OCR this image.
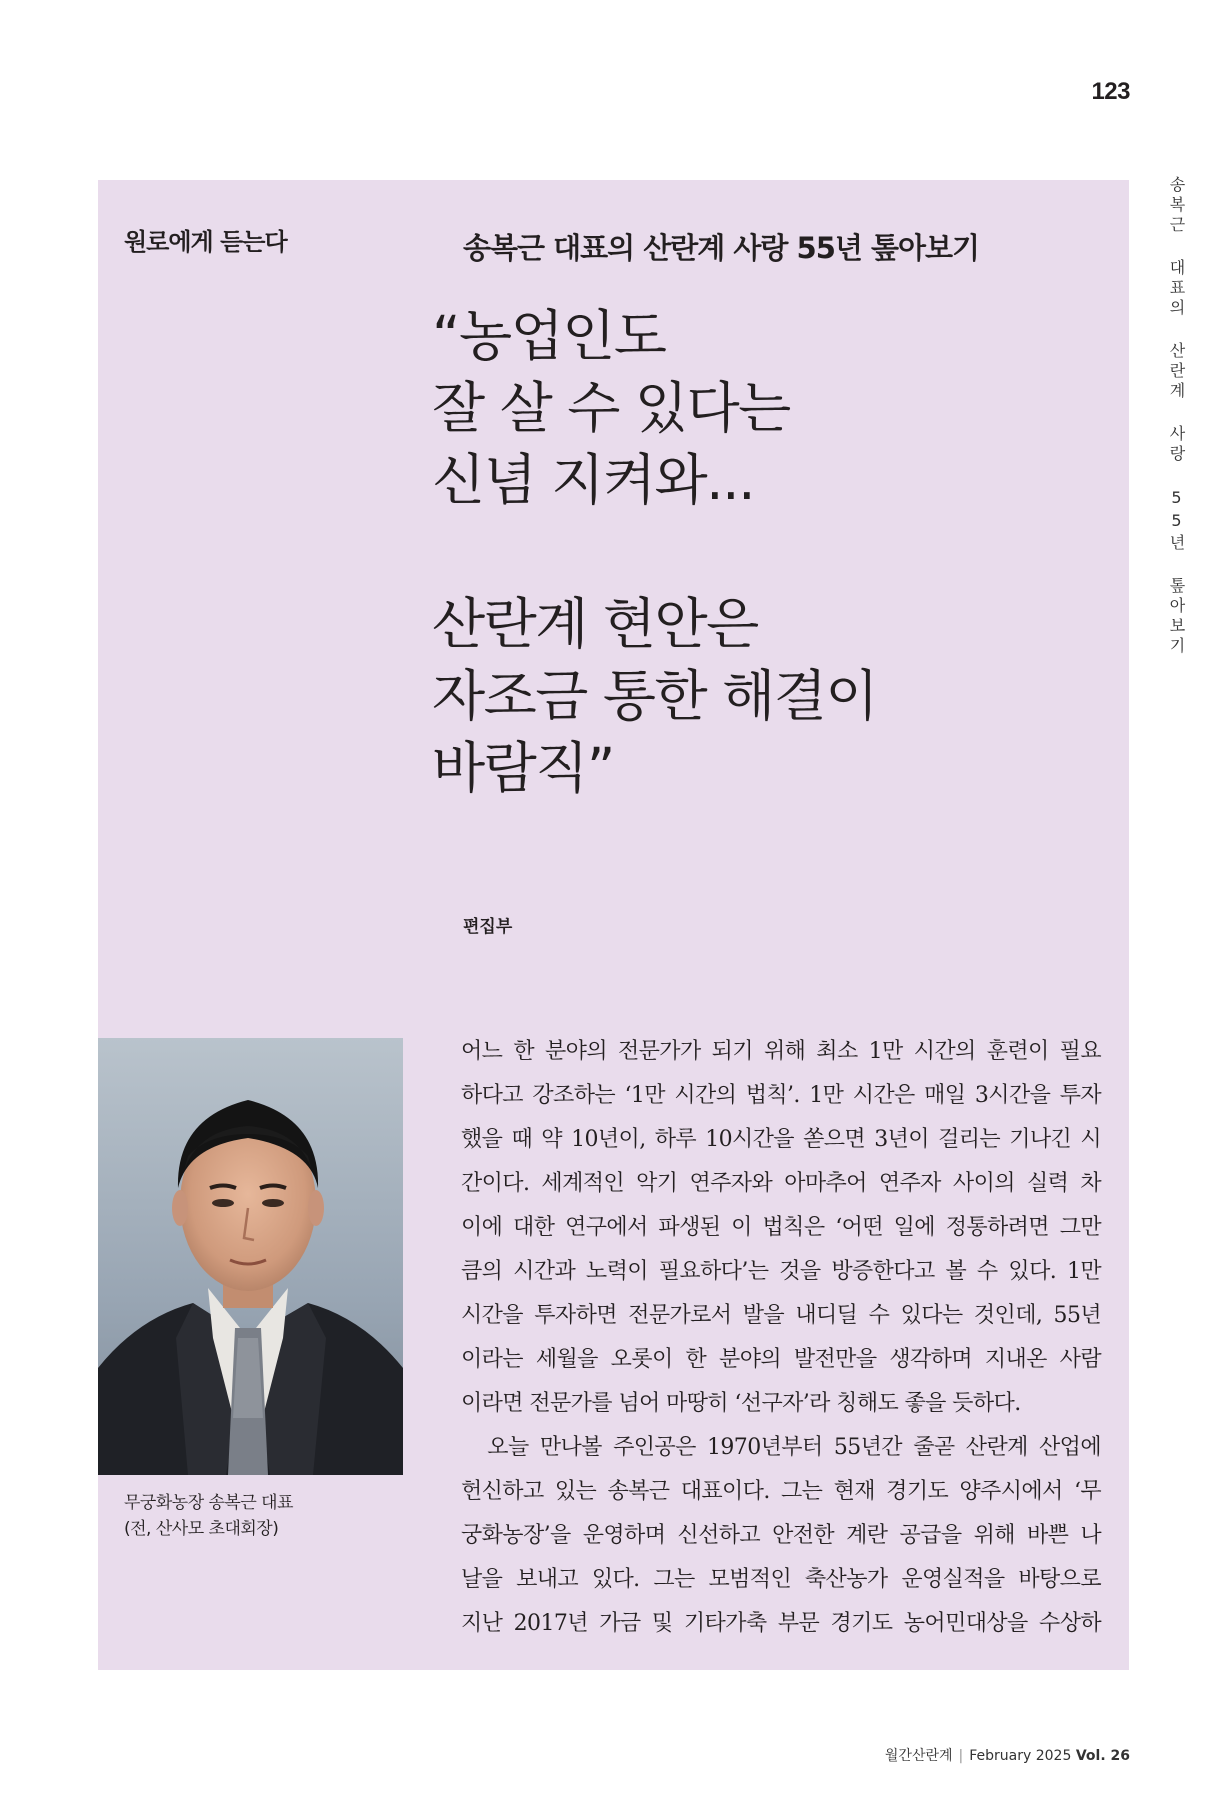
123
송복근 대표의 산란계 사랑 55년 톺아보기
원로에게 듣는다	송복근 대표의 산란계 사랑 55년 톺아보기
“농업인도
잘 살 수 있다는
신념 지켜와...
산란계 현안은
자조금 통한 해결이
바람직”
편집부
무궁화농장 송복근 대표
(전, 산사모 초대회장)
어느 한 분야의 전문가가 되기 위해 최소 1만 시간의 훈련이 필요
하다고 강조하는 ‘1만 시간의 법칙’. 1만 시간은 매일 3시간을 투자
했을 때 약 10년이, 하루 10시간을 쏟으면 3년이 걸리는 기나긴 시
간이다. 세계적인 악기 연주자와 아마추어 연주자 사이의 실력 차
이에 대한 연구에서 파생된 이 법칙은 ‘어떤 일에 정통하려면 그만
큼의 시간과 노력이 필요하다’는 것을 방증한다고 볼 수 있다. 1만
시간을 투자하면 전문가로서 발을 내디딜 수 있다는 것인데, 55년
이라는 세월을 오롯이 한 분야의 발전만을 생각하며 지내온 사람
이라면 전문가를 넘어 마땅히 ‘선구자’라 칭해도 좋을 듯하다.
　오늘 만나볼 주인공은 1970년부터 55년간 줄곧 산란계 산업에
헌신하고 있는 송복근 대표이다. 그는 현재 경기도 양주시에서 ‘무
궁화농장’을 운영하며 신선하고 안전한 계란 공급을 위해 바쁜 나
날을 보내고 있다. 그는 모범적인 축산농가 운영실적을 바탕으로
지난 2017년 가금 및 기타가축 부문 경기도 농어민대상을 수상하
월간산란계 | February 2025 Vol. 26
